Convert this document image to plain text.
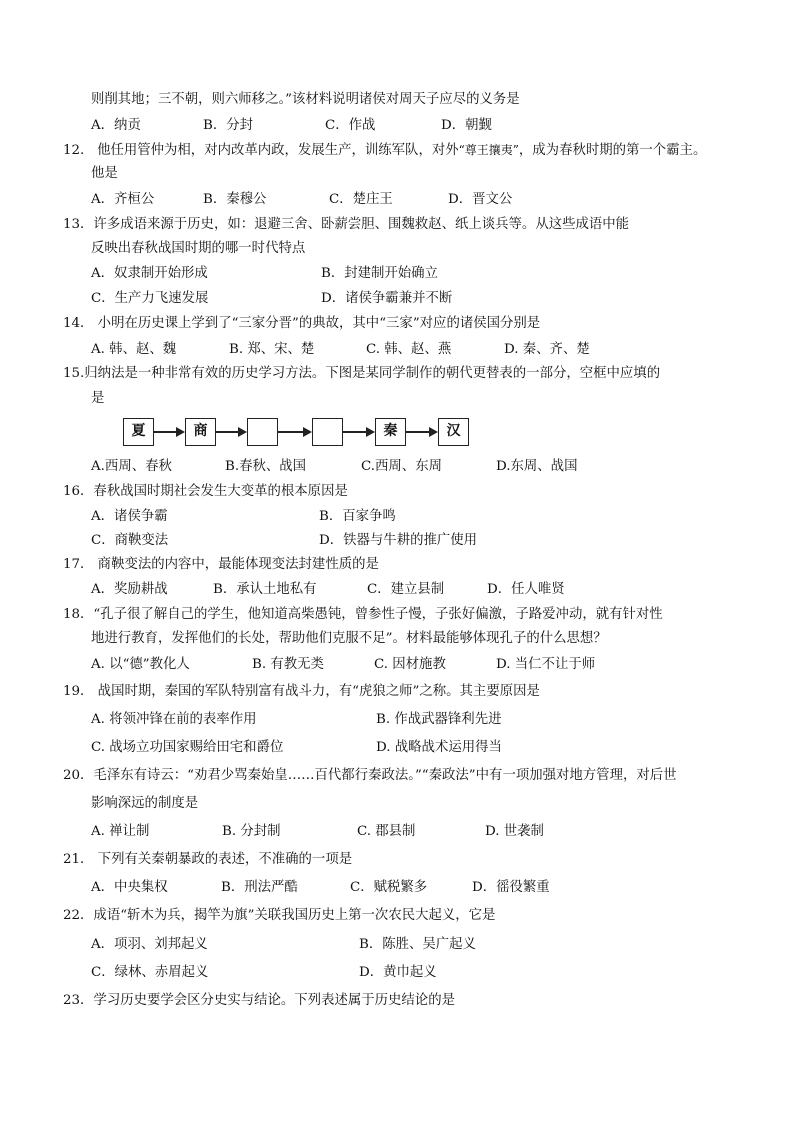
则削其地；三不朝，则六师移之。”该材料说明诸侯对周天子应尽的义务是
A．纳贡	B．分封	C．作战	D．朝觐
12. 他任用管仲为相，对内改革内政，发展生产，训练军队，对外“尊王攘夷”，成为春秋时期的第一个霸主。
他是
A．齐桓公	B．秦穆公	C．楚庄王	D．晋文公
13．许多成语来源于历史，如：退避三舍、卧薪尝胆、围魏救赵、纸上谈兵等。从这些成语中能
反映出春秋战国时期的哪一时代特点
A．奴隶制开始形成	B．封建制开始确立
C．生产力飞速发展	D．诸侯争霸兼并不断
14． 小明在历史课上学到了“三家分晋”的典故，其中“三家”对应的诸侯国分别是
A. 韩、赵、魏	B. 郑、宋、楚	C. 韩、赵、燕	D. 秦、齐、楚
15.归纳法是一种非常有效的历史学习方法。下图是某同学制作的朝代更替表的一部分，空框中应填的
是
夏	商	秦	汉
A.西周、春秋	B.春秋、战国	C.西周、东周	D.东周、战国
16．春秋战国时期社会发生大变革的根本原因是
A．诸侯争霸	B．百家争鸣
C．商鞅变法	D．铁器与牛耕的推广使用
17． 商鞅变法的内容中，最能体现变法封建性质的是
A．奖励耕战	B．承认土地私有	C．建立县制	D．任人唯贤
18．“孔子很了解自己的学生，他知道高柴愚钝，曾参性子慢，子张好偏激，子路爱冲动，就有针对性
地进行教育，发挥他们的长处，帮助他们克服不足”。材料最能够体现孔子的什么思想？
A. 以“德”教化人	B. 有教无类	C. 因材施教	D. 当仁不让于师
19． 战国时期，秦国的军队特别富有战斗力，有“虎狼之师”之称。其主要原因是
A. 将领冲锋在前的表率作用	B. 作战武器锋利先进
C. 战场立功国家赐给田宅和爵位	D. 战略战术运用得当
20．毛泽东有诗云：“劝君少骂秦始皇……百代都行秦政法。”“秦政法”中有一项加强对地方管理，对后世
影响深远的制度是
A. 禅让制	B. 分封制	C. 郡县制	D. 世袭制
21． 下列有关秦朝暴政的表述，不准确的一项是
A．中央集权	B．刑法严酷	C．赋税繁多	D．徭役繁重
22．成语“斩木为兵，揭竿为旗”关联我国历史上第一次农民大起义，它是
A．项羽、刘邦起义	B．陈胜、吴广起义
C．绿林、赤眉起义	D．黄巾起义
23．学习历史要学会区分史实与结论。下列表述属于历史结论的是
